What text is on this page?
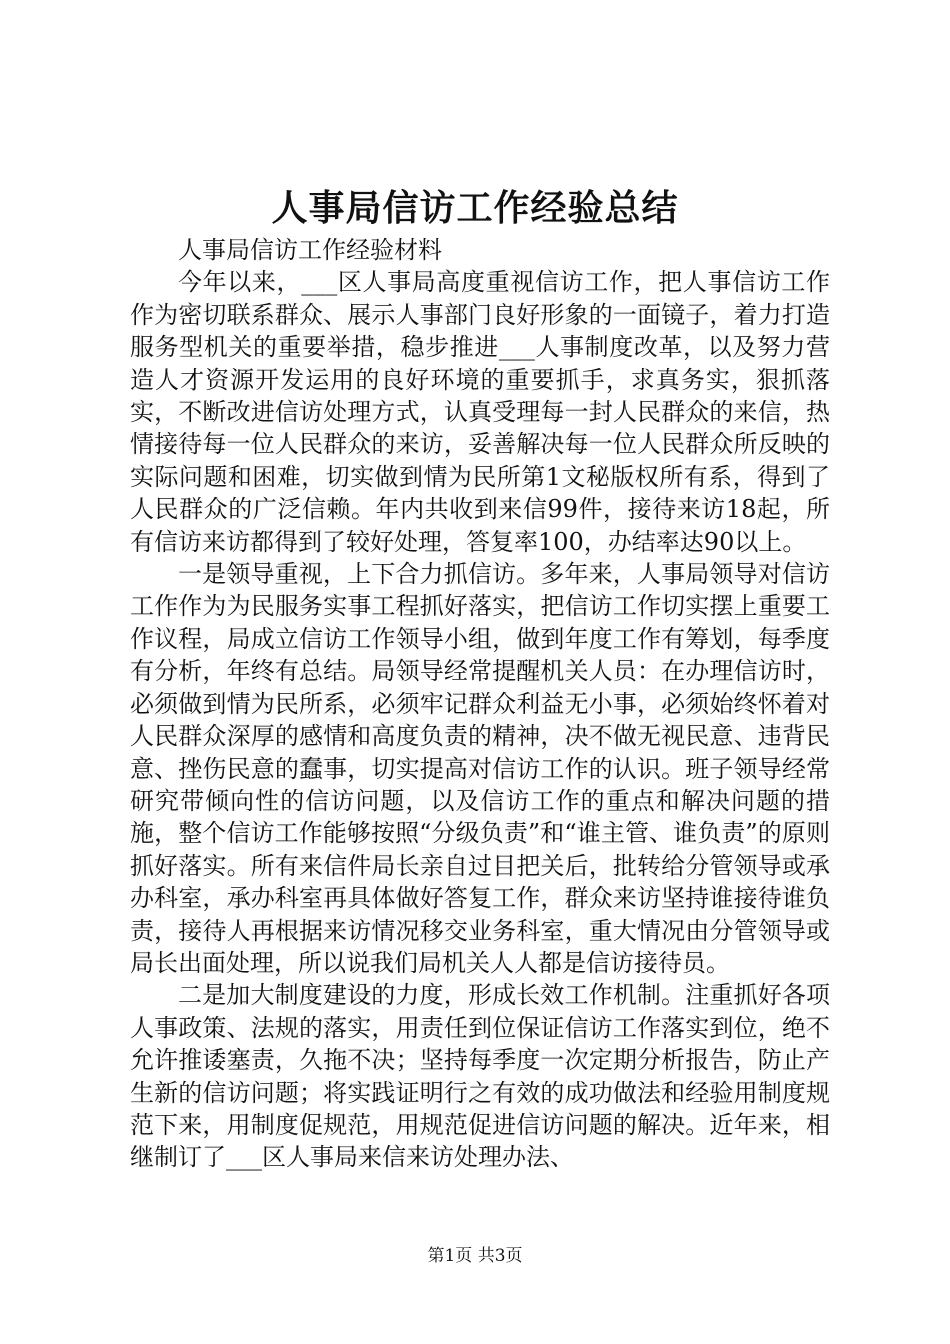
人事局信访工作经验总结

人事局信访工作经验材料

今年以来，___区人事局高度重视信访工作，把人事信访工作作为密切联系群众、展示人事部门良好形象的一面镜子，着力打造服务型机关的重要举措，稳步推进___人事制度改革，以及努力营造人才资源开发运用的良好环境的重要抓手，求真务实，狠抓落实，不断改进信访处理方式，认真受理每一封人民群众的来信，热情接待每一位人民群众的来访，妥善解决每一位人民群众所反映的实际问题和困难，切实做到情为民所第1文秘版权所有系，得到了人民群众的广泛信赖。年内共收到来信99件，接待来访18起，所有信访来访都得到了较好处理，答复率100，办结率达90以上。

一是领导重视，上下合力抓信访。多年来，人事局领导对信访工作作为为民服务实事工程抓好落实，把信访工作切实摆上重要工作议程，局成立信访工作领导小组，做到年度工作有筹划，每季度有分析，年终有总结。局领导经常提醒机关人员：在办理信访时，必须做到情为民所系，必须牢记群众利益无小事，必须始终怀着对人民群众深厚的感情和高度负责的精神，决不做无视民意、违背民意、挫伤民意的蠢事，切实提高对信访工作的认识。班子领导经常研究带倾向性的信访问题，以及信访工作的重点和解决问题的措施，整个信访工作能够按照“分级负责”和“谁主管、谁负责”的原则抓好落实。所有来信件局长亲自过目把关后，批转给分管领导或承办科室，承办科室再具体做好答复工作，群众来访坚持谁接待谁负责，接待人再根据来访情况移交业务科室，重大情况由分管领导或局长出面处理，所以说我们局机关人人都是信访接待员。

二是加大制度建设的力度，形成长效工作机制。注重抓好各项人事政策、法规的落实，用责任到位保证信访工作落实到位，绝不允许推诿塞责，久拖不决；坚持每季度一次定期分析报告，防止产生新的信访问题；将实践证明行之有效的成功做法和经验用制度规范下来，用制度促规范，用规范促进信访问题的解决。近年来，相继制订了___区人事局来信来访处理办法、

第1页 共3页
